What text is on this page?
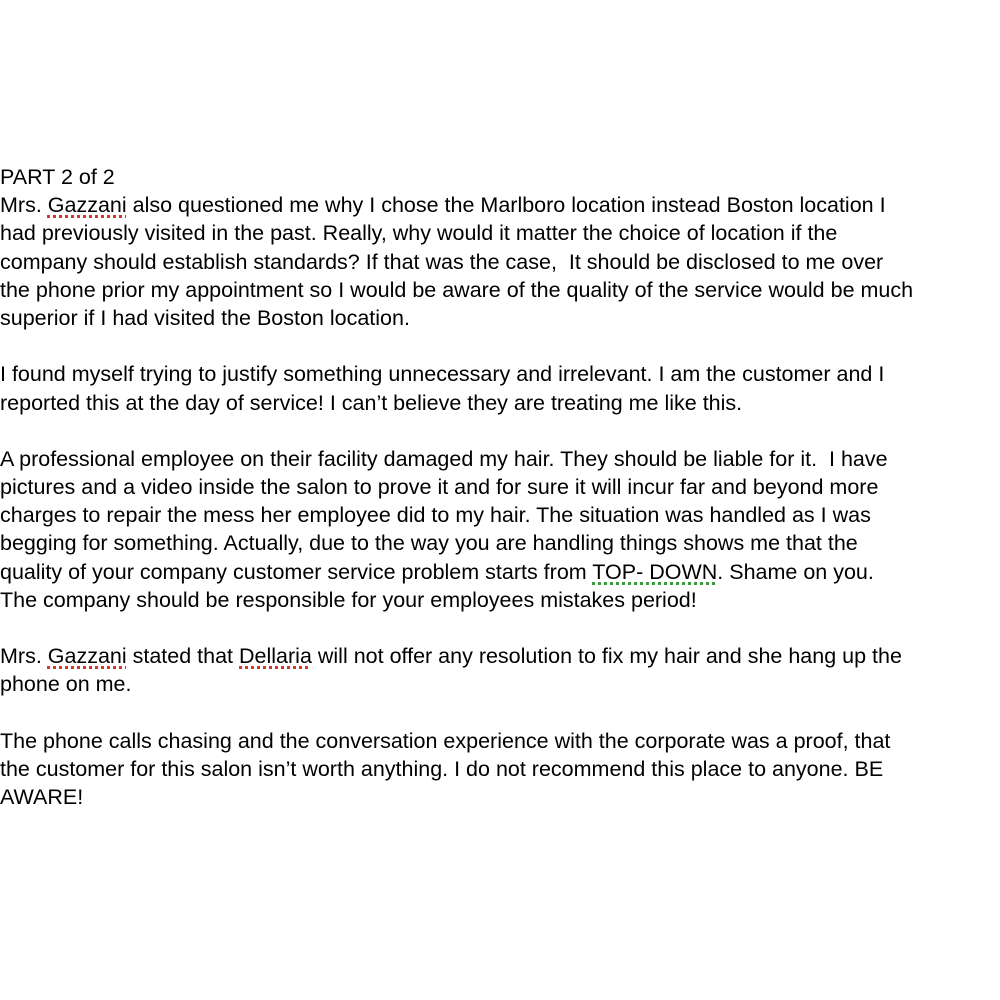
PART 2 of 2
Mrs. Gazzani also questioned me why I chose the Marlboro location instead Boston location I
had previously visited in the past. Really, why would it matter the choice of location if the
company should establish standards? If that was the case,  It should be disclosed to me over
the phone prior my appointment so I would be aware of the quality of the service would be much
superior if I had visited the Boston location.
I found myself trying to justify something unnecessary and irrelevant. I am the customer and I
reported this at the day of service! I can’t believe they are treating me like this.
A professional employee on their facility damaged my hair. They should be liable for it.  I have
pictures and a video inside the salon to prove it and for sure it will incur far and beyond more
charges to repair the mess her employee did to my hair. The situation was handled as I was
begging for something. Actually, due to the way you are handling things shows me that the
quality of your company customer service problem starts from TOP- DOWN. Shame on you.
The company should be responsible for your employees mistakes period!
Mrs. Gazzani stated that Dellaria will not offer any resolution to fix my hair and she hang up the
phone on me.
The phone calls chasing and the conversation experience with the corporate was a proof, that
the customer for this salon isn’t worth anything. I do not recommend this place to anyone. BE
AWARE!
